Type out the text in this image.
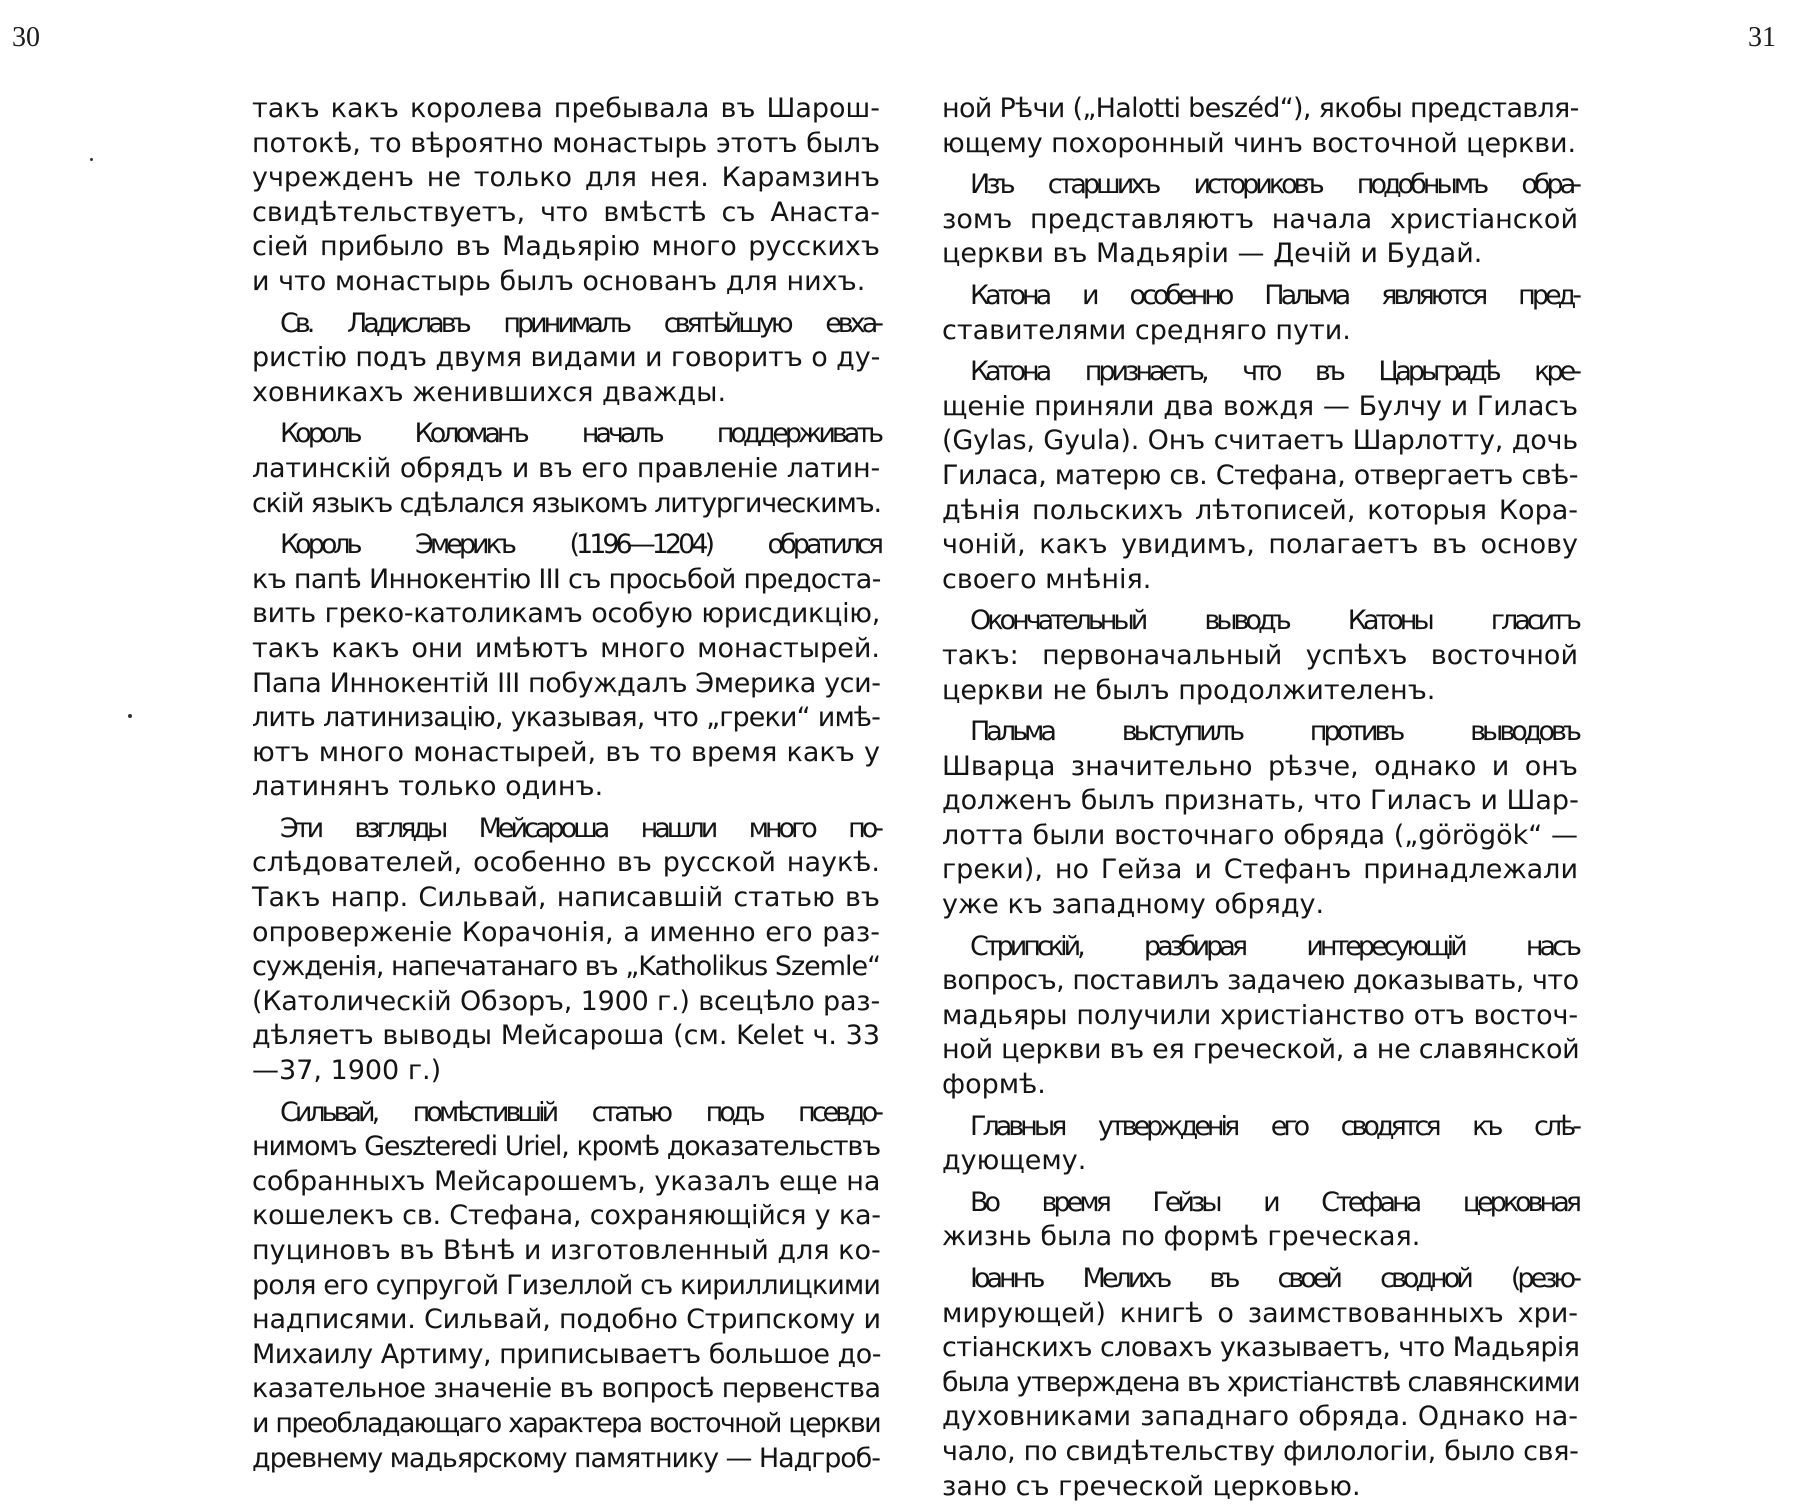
30	31
такъ какъ королева пребывала въ Шарош-
потокѣ, то вѣроятно монастырь этотъ былъ
учрежденъ не только для нея. Карамзинъ
свидѣтельствуетъ, что вмѣстѣ съ Анаста-
сіей прибыло въ Мадьярію много русскихъ
и что монастырь былъ основанъ для нихъ.
Св. Ладиславъ принималъ святѣйшую евха-
ристію подъ двумя видами и говоритъ о ду-
ховникахъ женившихся дважды.
Король Коломанъ началъ поддерживать
латинскій обрядъ и въ его правленіе латин-
скій языкъ сдѣлался языкомъ литургическимъ.
Король Эмерикъ (1196—1204) обратился
къ папѣ Иннокентію III съ просьбой предоста-
вить греко-католикамъ особую юрисдикцію,
такъ какъ они имѣютъ много монастырей.
Папа Иннокентій III побуждалъ Эмерика уси-
лить латинизацію, указывая, что „греки“ имѣ-
ютъ много монастырей, въ то время какъ у
латинянъ только одинъ.
Эти взгляды Мейсароша нашли много по-
слѣдователей, особенно въ русской наукѣ.
Такъ напр. Сильвай, написавшій статью въ
опроверженіе Корачонія, а именно его раз-
сужденія, напечатанаго въ „Katholikus Szemle“
(Католическій Обзоръ, 1900 г.) всецѣло раз-
дѣляетъ выводы Мейсароша (см. Kelet ч. 33
—37, 1900 г.)
Сильвай, помѣстившій статью подъ псевдо-
нимомъ Geszteredi Uriel, кромѣ доказательствъ
собранныхъ Мейсарошемъ, указалъ еще на
кошелекъ св. Стефана, сохраняющійся у ка-
пуциновъ въ Вѣнѣ и изготовленный для ко-
роля его супругой Гизеллой съ кириллицкими
надписями. Сильвай, подобно Стрипскому и
Михаилу Артиму, приписываетъ большое до-
казательное значеніе въ вопросѣ первенства
и преобладающаго характера восточной церкви
древнему мадьярскому памятнику — Надгроб-
ной Рѣчи („Halotti beszéd“), якобы представля-
ющему похоронный чинъ восточной церкви.
Изъ старшихъ историковъ подобнымъ обра-
зомъ представляютъ начала христіанской
церкви въ Мадьяріи — Дечій и Будай.
Катона и особенно Пальма являются пред-
ставителями средняго пути.
Катона признаетъ, что въ Царьградѣ кре-
щеніе приняли два вождя — Булчу и Гиласъ
(Gylas, Gyula). Онъ считаетъ Шарлотту, дочь
Гиласа, матерю св. Стефана, отвергаетъ свѣ-
дѣнія польскихъ лѣтописей, которыя Кора-
чоній, какъ увидимъ, полагаетъ въ основу
своего мнѣнія.
Окончательный выводъ Катоны гласитъ
такъ: первоначальный успѣхъ восточной
церкви не былъ продолжителенъ.
Пальма выступилъ противъ выводовъ
Шварца значительно рѣзче, однако и онъ
долженъ былъ признать, что Гиласъ и Шар-
лотта были восточнаго обряда („görögök“ —
греки), но Гейза и Стефанъ принадлежали
уже къ западному обряду.
Стрипскій, разбирая интересующій насъ
вопросъ, поставилъ задачею доказывать, что
мадьяры получили христіанство отъ восточ-
ной церкви въ ея греческой, а не славянской
формѣ.
Главныя утвержденія его сводятся къ слѣ-
дующему.
Во время Гейзы и Стефана церковная
жизнь была по формѣ греческая.
Іоаннъ Мелихъ въ своей сводной (резю-
мирующей) книгѣ о заимствованныхъ хри-
стіанскихъ словахъ указываетъ, что Мадьярія
была утверждена въ христіанствѣ славянскими
духовниками западнаго обряда. Однако на-
чало, по свидѣтельству филологіи, было свя-
зано съ греческой церковью.
